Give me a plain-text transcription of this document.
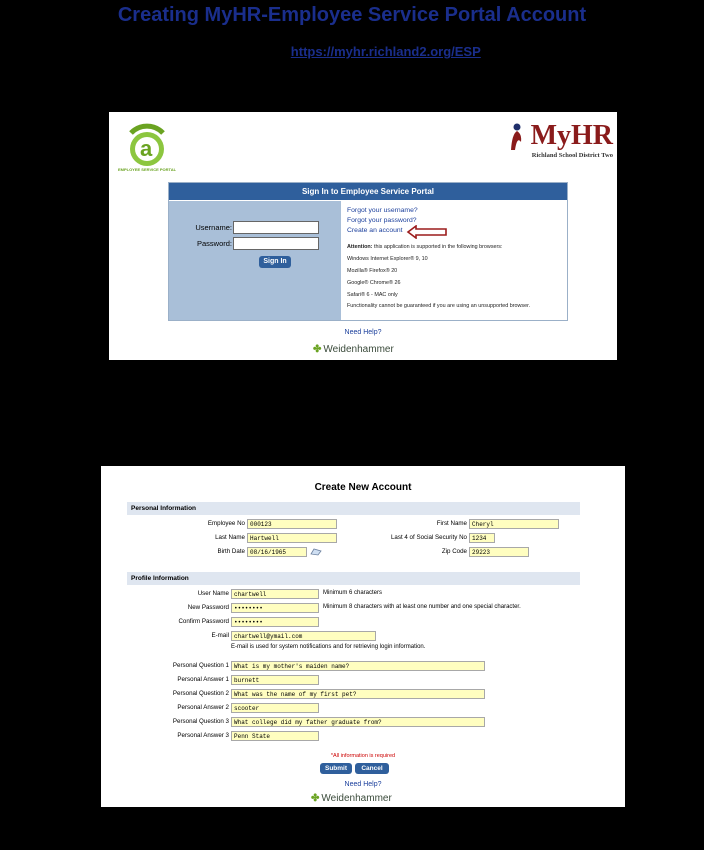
Creating MyHR-Employee Service Portal Account
1. Log in to MyHR-Employee Service Portal at https://myhr.richland2.org/ESP
2. Click on “Create an account” link.
a
EMPLOYEE SERVICE PORTAL
MyHR
Richland School District Two
Sign In to Employee Service Portal
Username:
Password:
Sign In
Forgot your username?
Forgot your password?
Create an account
Attention: this application is supported in the following browsers:
Windows Internet Explorer® 9, 10
Mozilla® Firefox® 20
Google® Chrome® 26
Safari® 6 - MAC only
Functionality cannot be guaranteed if you are using an unsupported browser.
Need Help?
✤ Weidenhammer
3. Enter your information and complete all the required fields (please use your district email address.)
Then click the Submit button. You will be able to log in immediately after submitting.
Create New Account
Personal Information
Employee No 000123	First Name Cheryl
Last Name Hartwell	Last 4 of Social Security No 1234
Birth Date 08/16/1965	Zip Code 29223
Profile Information
User Name chartwell	Minimum 6 characters
New Password ••••••••	Minimum 8 characters with at least one number and one special character.
Confirm Password ••••••••
E-mail chartwell@ymail.com
E-mail is used for system notifications and for retrieving login information.
Personal Question 1 What is my mother's maiden name?
Personal Answer 1 burnett
Personal Question 2 What was the name of my first pet?
Personal Answer 2 scooter
Personal Question 3 What college did my father graduate from?
Personal Answer 3 Penn State
*All information is required
Submit	Cancel
Need Help?
✤ Weidenhammer
